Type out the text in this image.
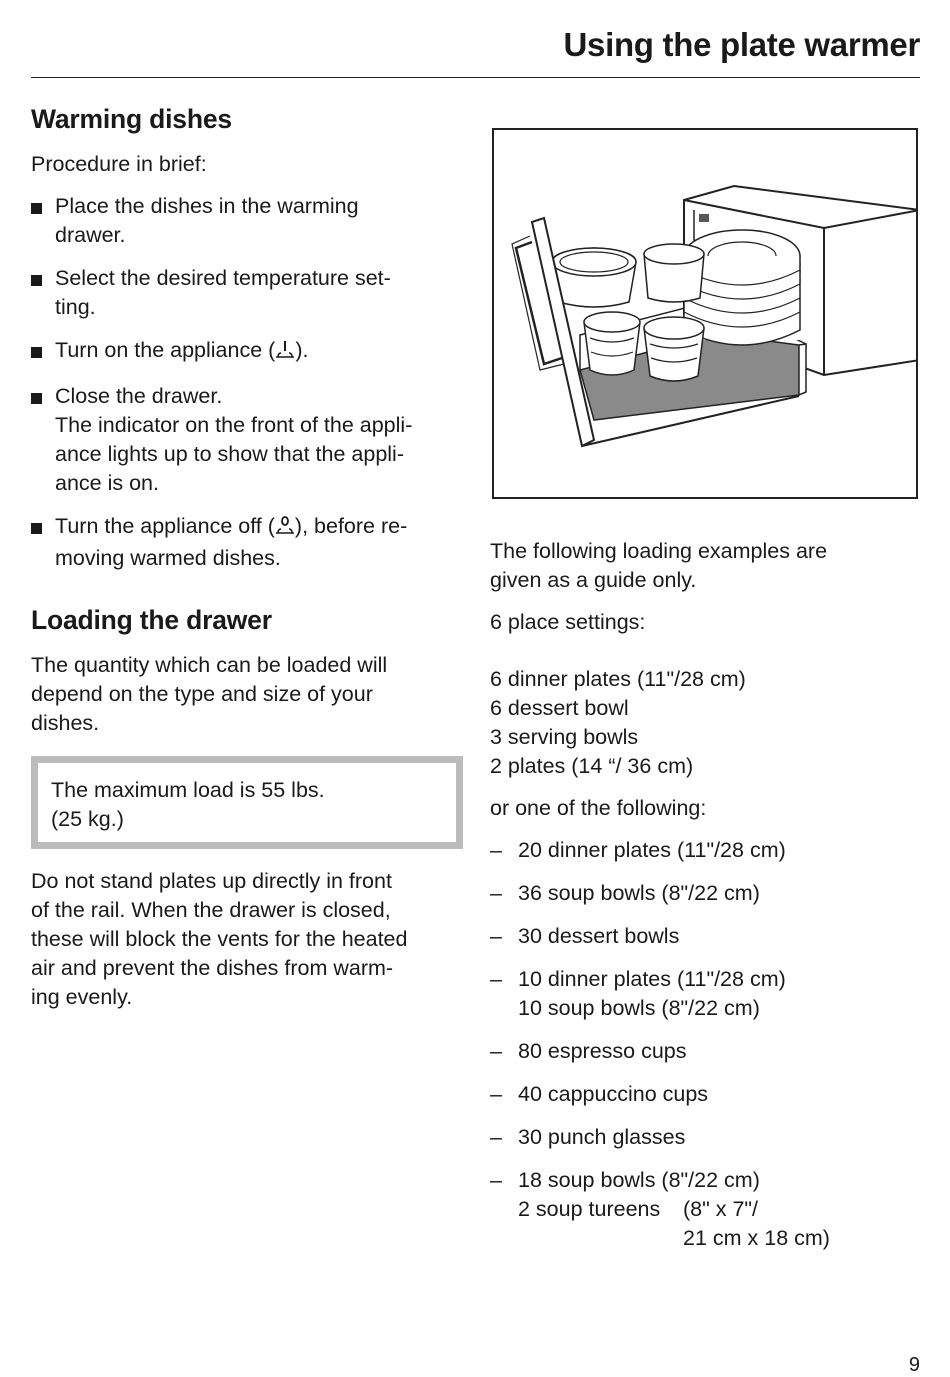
Using the plate warmer
Warming dishes

Procedure in brief:

Place the dishes in the warming
drawer.
Select the desired temperature set-
ting.
Turn on the appliance ( ).
Close the drawer.
The indicator on the front of the appli-
ance lights up to show that the appli-
ance is on.
Turn the appliance off ( ), before re-
moving warmed dishes.
Loading the drawer

The quantity which can be loaded will
depend on the type and size of your
dishes.

The maximum load is 55 lbs.
(25 kg.)

Do not stand plates up directly in front
of the rail. When the drawer is closed,
these will block the vents for the heated
air and prevent the dishes from warm-
ing evenly.

The following loading examples are
given as a guide only.

6 place settings:

6 dinner plates (11"/28 cm)

6 dessert bowl

3 serving bowls

2 plates (14 “/ 36 cm)

or one of the following:

– 20 dinner plates (11"/28 cm)
– 36 soup bowls (8"/22 cm)
– 30 dessert bowls
– 10 dinner plates (11"/28 cm)
10 soup bowls (8"/22 cm)
– 80 espresso cups
– 40 cappuccino cups
– 30 punch glasses
– 18 soup bowls (8"/22 cm)
2 soup tureens	(8" x 7"/
21 cm x 18 cm)
9
